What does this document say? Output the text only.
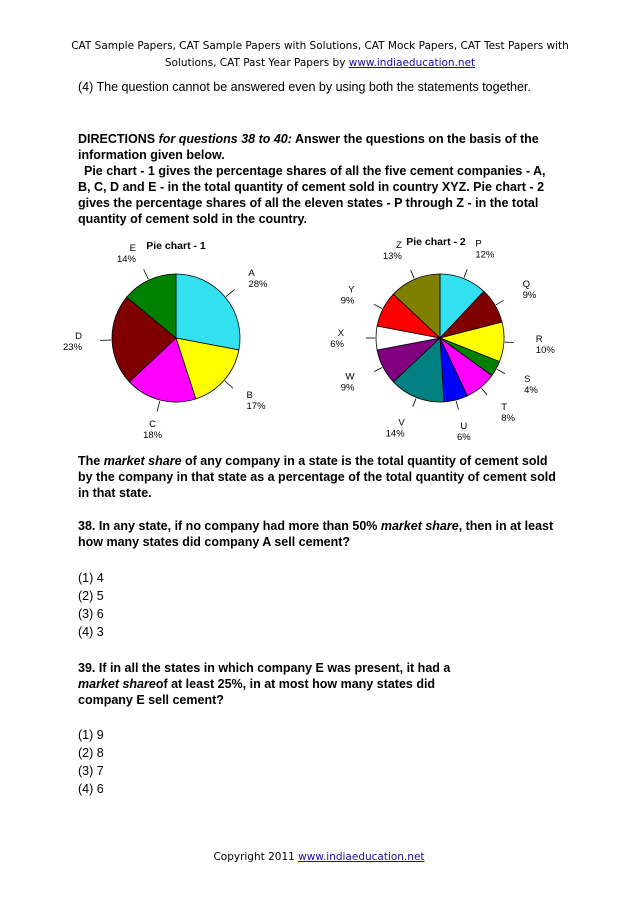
CAT Sample Papers, CAT Sample Papers with Solutions, CAT Mock Papers, CAT Test Papers with
Solutions, CAT Past Year Papers by www.indiaeducation.net
(4) The question cannot be answered even by using both the statements together.
DIRECTIONS for questions 38 to 40: Answer the questions on the basis of the information given below.
Pie chart - 1 gives the percentage shares of all the five cement companies - A, B, C, D and E - in the total quantity of cement sold in country XYZ. Pie chart - 2 gives the percentage shares of all the eleven states - P through Z - in the total quantity of cement sold in the country.
Pie chart - 1
A
28%
B
17%
C
18%
D
23%
E
14%
Pie chart - 2 P
12%
Q
9%
R
10%
S
4%
T
8%
U
6%
V
14%
W
9%
X
6%
Y
9%
Z
13%
The market share of any company in a state is the total quantity of cement sold by the company in that state as a percentage of the total quantity of cement sold in that state.
38. In any state, if no company had more than 50% market share, then in at least how many states did company A sell cement?
(1) 4
(2) 5
(3) 6
(4) 3
39. If in all the states in which company E was present, it had a market shareof at least 25%, in at most how many states did company E sell cement?
(1) 9
(2) 8
(3) 7
(4) 6
Copyright 2011 www.indiaeducation.net
